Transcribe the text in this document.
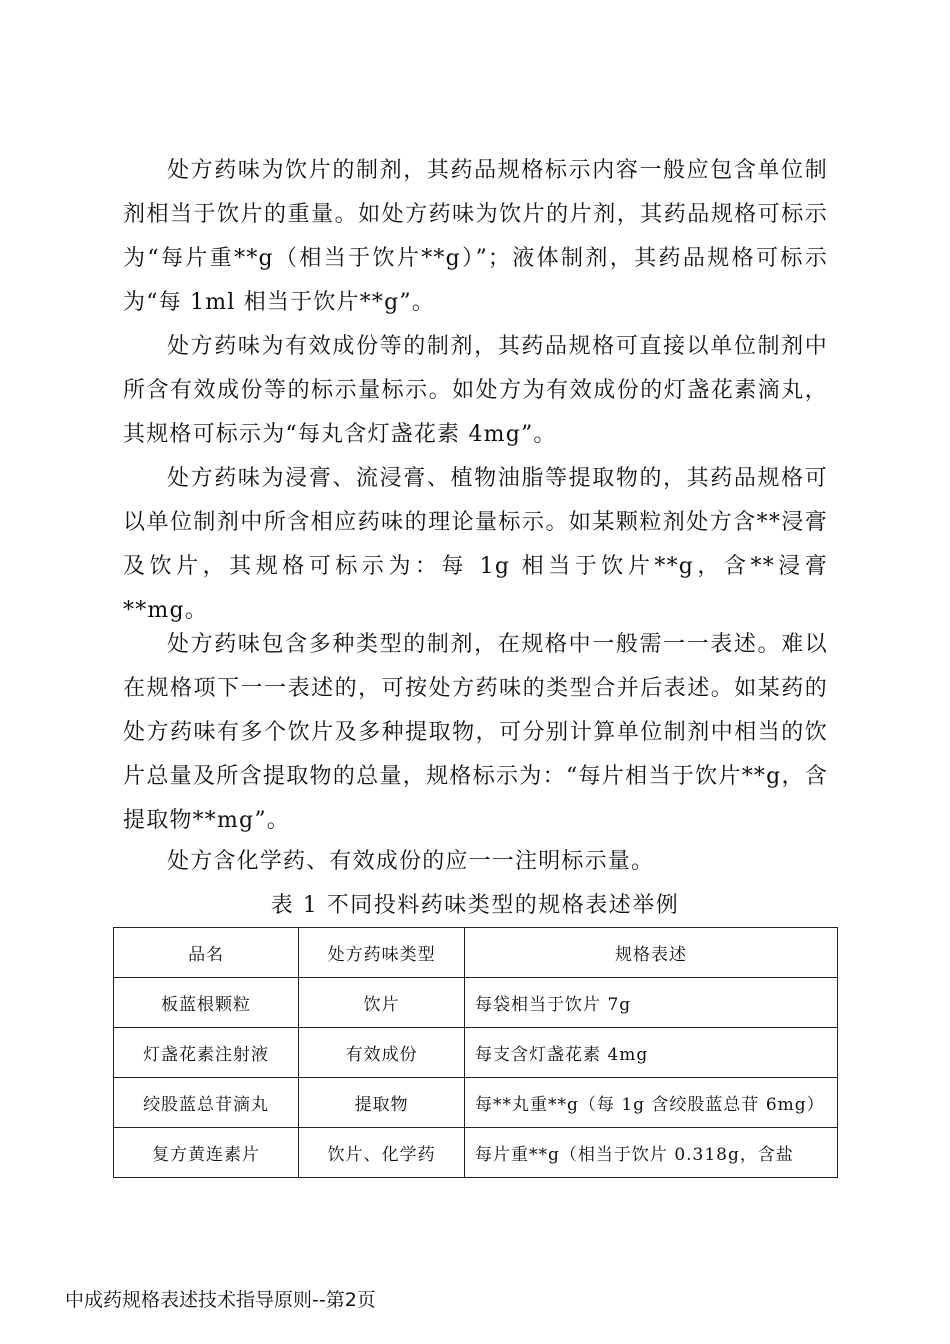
处方药味为饮片的制剂，其药品规格标示内容一般应包含单位制剂相当于饮片的重量。如处方药味为饮片的片剂，其药品规格可标示为“每片重**g（相当于饮片**g）”；液体制剂，其药品规格可标示为“每 1ml 相当于饮片**g”。

处方药味为有效成份等的制剂，其药品规格可直接以单位制剂中所含有效成份等的标示量标示。如处方为有效成份的灯盏花素滴丸，其规格可标示为“每丸含灯盏花素 4mg”。

处方药味为浸膏、流浸膏、植物油脂等提取物的，其药品规格可以单位制剂中所含相应药味的理论量标示。如某颗粒剂处方含**浸膏及饮片，其规格可标示为：每 1g 相当于饮片**g，含**浸膏**mg。

处方药味包含多种类型的制剂，在规格中一般需一一表述。难以在规格项下一一表述的，可按处方药味的类型合并后表述。如某药的处方药味有多个饮片及多种提取物，可分别计算单位制剂中相当的饮片总量及所含提取物的总量，规格标示为：“每片相当于饮片**g，含提取物**mg”。

处方含化学药、有效成份的应一一注明标示量。

表 1 不同投料药味类型的规格表述举例
品名	处方药味类型	规格表述
板蓝根颗粒	饮片	每袋相当于饮片 7g
灯盏花素注射液	有效成份	每支含灯盏花素 4mg
绞股蓝总苷滴丸	提取物	每**丸重**g（每 1g 含绞股蓝总苷 6mg）
复方黄连素片	饮片、化学药	每片重**g（相当于饮片 0.318g，含盐
中成药规格表述技术指导原则--第2页
